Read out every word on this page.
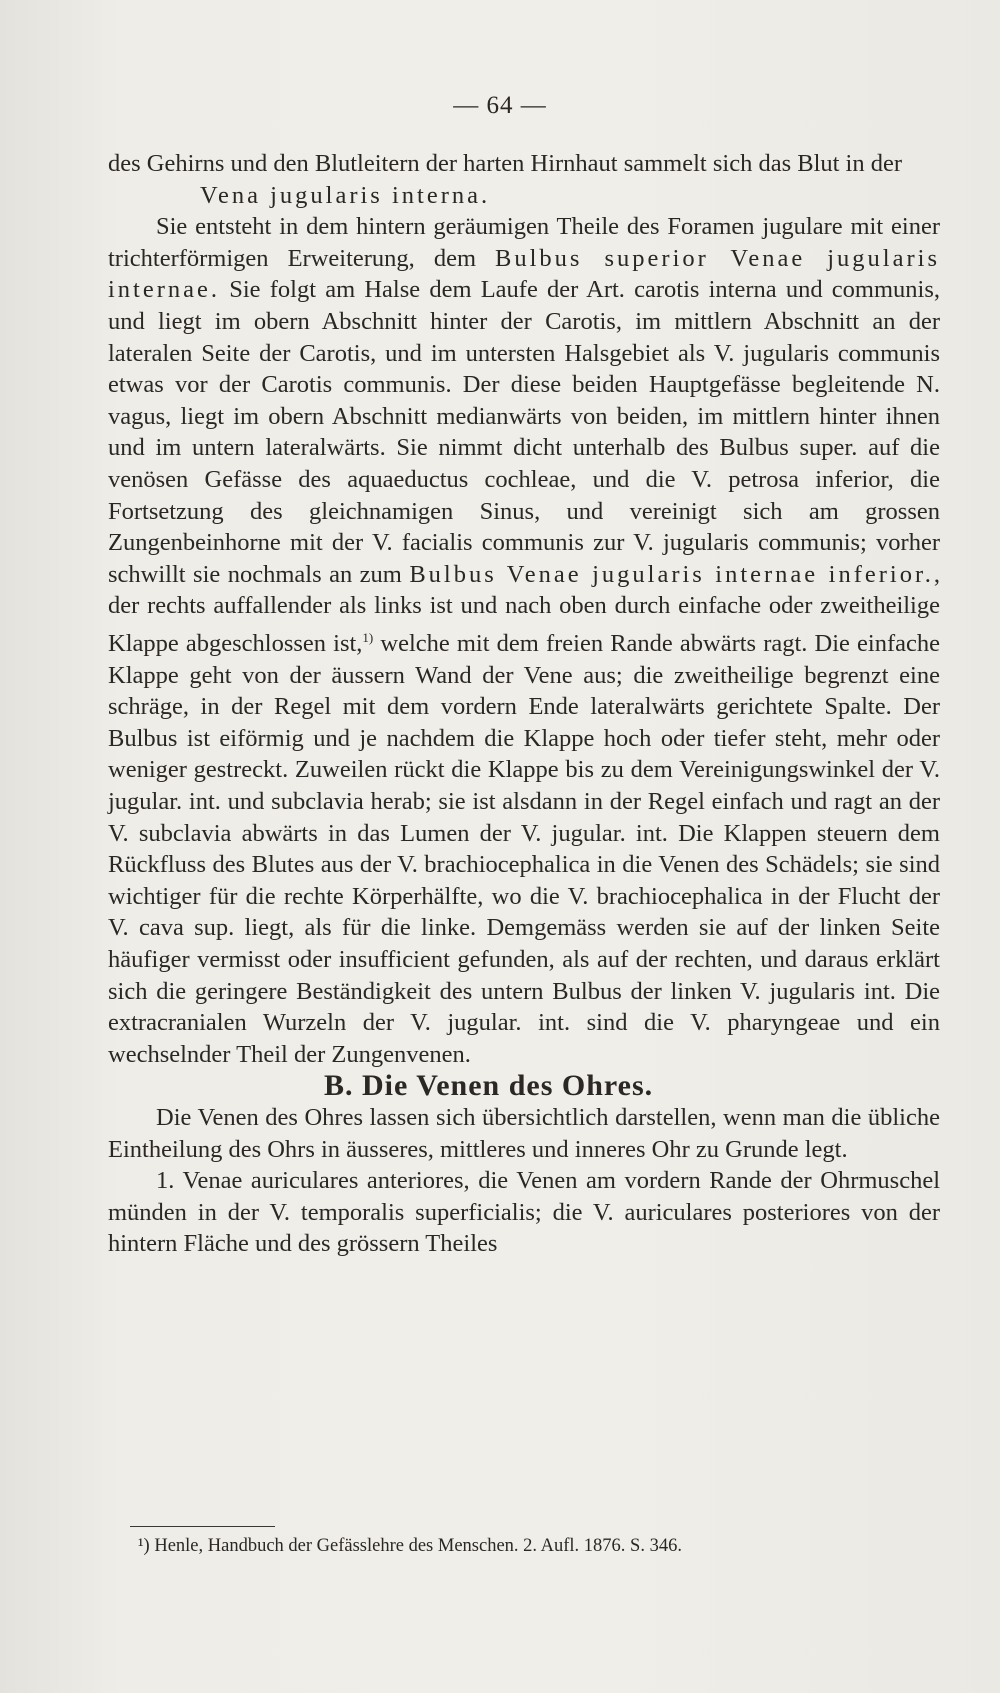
— 64 —

des Gehirns und den Blutleitern der harten Hirnhaut sammelt sich das Blut in der

Vena jugularis interna.

Sie entsteht in dem hintern geräumigen Theile des Foramen jugulare mit einer trichterförmigen Erweiterung, dem Bulbus superior Venae jugularis internae. Sie folgt am Halse dem Laufe der Art. carotis interna und communis, und liegt im obern Abschnitt hinter der Carotis, im mittlern Abschnitt an der lateralen Seite der Carotis, und im untersten Halsgebiet als V. jugularis communis etwas vor der Carotis communis. Der diese beiden Hauptgefässe begleitende N. vagus, liegt im obern Abschnitt medianwärts von beiden, im mittlern hinter ihnen und im untern lateralwärts. Sie nimmt dicht unterhalb des Bulbus super. auf die venösen Gefässe des aquaeductus cochleae, und die V. petrosa inferior, die Fortsetzung des gleichnamigen Sinus, und vereinigt sich am grossen Zungenbeinhorne mit der V. facialis communis zur V. jugularis communis; vorher schwillt sie nochmals an zum Bulbus Venae jugularis internae inferior., der rechts auffallender als links ist und nach oben durch einfache oder zweitheilige Klappe abgeschlossen ist,$^{1)}$ welche mit dem freien Rande abwärts ragt. Die einfache Klappe geht von der äussern Wand der Vene aus; die zweitheilige begrenzt eine schräge, in der Regel mit dem vordern Ende lateralwärts gerichtete Spalte. Der Bulbus ist eiförmig und je nachdem die Klappe hoch oder tiefer steht, mehr oder weniger gestreckt. Zuweilen rückt die Klappe bis zu dem Vereinigungswinkel der V. jugular. int. und subclavia herab; sie ist alsdann in der Regel einfach und ragt an der V. subclavia abwärts in das Lumen der V. jugular. int. Die Klappen steuern dem Rückfluss des Blutes aus der V. brachiocephalica in die Venen des Schädels; sie sind wichtiger für die rechte Körperhälfte, wo die V. brachiocephalica in der Flucht der V. cava sup. liegt, als für die linke. Demgemäss werden sie auf der linken Seite häufiger vermisst oder insufficient gefunden, als auf der rechten, und daraus erklärt sich die geringere Beständigkeit des untern Bulbus der linken V. jugularis int. Die extracranialen Wurzeln der V. jugular. int. sind die V. pharyngeae und ein wechselnder Theil der Zungenvenen.

B. Die Venen des Ohres.

Die Venen des Ohres lassen sich übersichtlich darstellen, wenn man die übliche Eintheilung des Ohrs in äusseres, mittleres und inneres Ohr zu Grunde legt.

1. Venae auriculares anteriores, die Venen am vordern Rande der Ohrmuschel münden in der V. temporalis superficialis; die V. auriculares posteriores von der hintern Fläche und des grössern Theiles

¹) Henle, Handbuch der Gefässlehre des Menschen. 2. Aufl. 1876. S. 346.
